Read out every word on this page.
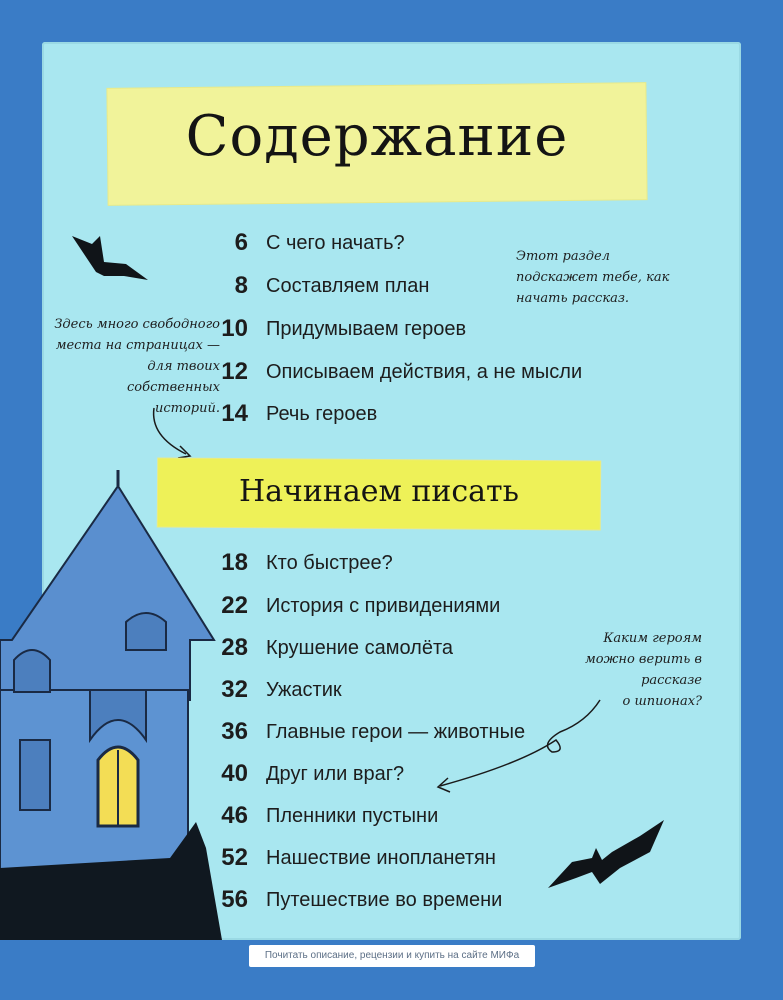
Содержание
Начинаем писать
6 С чего начать?
8 Составляем план
10 Придумываем героев
12 Описываем действия, а не мысли
14 Речь героев
18 Кто быстрее?
22 История с привидениями
28 Крушение самолёта
32 Ужастик
36 Главные герои — животные
40 Друг или враг?
46 Пленники пустыни
52 Нашествие инопланетян
56 Путешествие во времени
Этот раздел
подскажет тебе, как
начать рассказ.
Здесь много свободного
места на страницах —
для твоих собственных
историй.
Каким героям
можно верить в рассказе
о шпионах?
Почитать описание, рецензии и купить на сайте МИФа
